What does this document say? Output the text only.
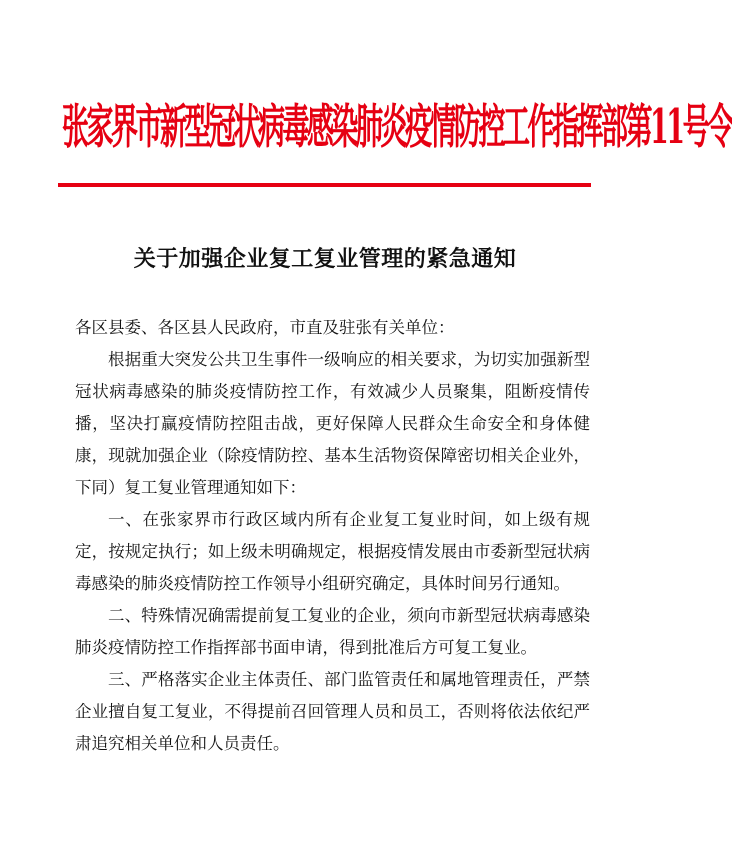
张家界市新型冠状病毒感染肺炎疫情防控工作指挥部第11号令
关于加强企业复工复业管理的紧急通知

各区县委、各区县人民政府，市直及驻张有关单位：

根据重大突发公共卫生事件一级响应的相关要求，为切实加强新型冠状病毒感染的肺炎疫情防控工作，有效减少人员聚集，阻断疫情传播，坚决打赢疫情防控阻击战，更好保障人民群众生命安全和身体健康，现就加强企业（除疫情防控、基本生活物资保障密切相关企业外，下同）复工复业管理通知如下：

一、在张家界市行政区域内所有企业复工复业时间，如上级有规定，按规定执行；如上级未明确规定，根据疫情发展由市委新型冠状病毒感染的肺炎疫情防控工作领导小组研究确定，具体时间另行通知。

二、特殊情况确需提前复工复业的企业，须向市新型冠状病毒感染肺炎疫情防控工作指挥部书面申请，得到批准后方可复工复业。

三、严格落实企业主体责任、部门监管责任和属地管理责任，严禁企业擅自复工复业，不得提前召回管理人员和员工，否则将依法依纪严肃追究相关单位和人员责任。
